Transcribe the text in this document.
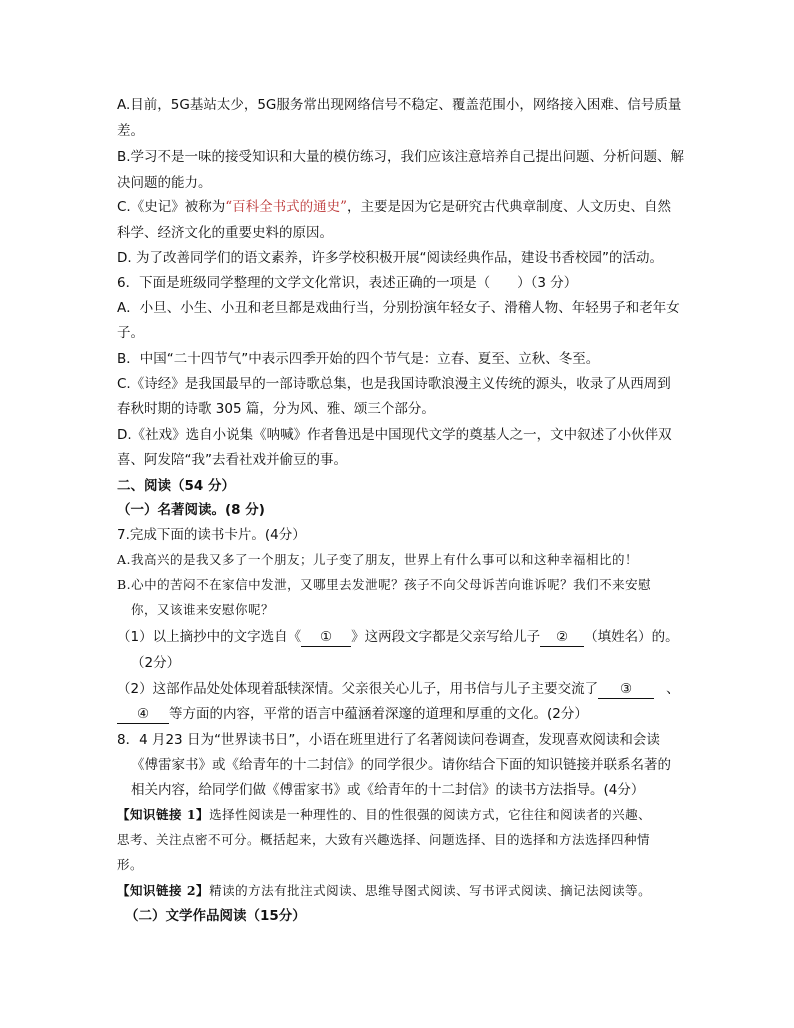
A.目前，5G基站太少，5G服务常出现网络信号不稳定、覆盖范围小，网络接入困难、信号质量
差。
B.学习不是一味的接受知识和大量的模仿练习，我们应该注意培养自己提出问题、分析问题、解
决问题的能力。
C.《史记》被称为“百科全书式的通史”，主要是因为它是研究古代典章制度、人文历史、自然
科学、经济文化的重要史料的原因。
D. 为了改善同学们的语文素养，许多学校积极开展“阅读经典作品，建设书香校园”的活动。
6．下面是班级同学整理的文学文化常识，表述正确的一项是（　　）（3 分）
A．小旦、小生、小丑和老旦都是戏曲行当，分别扮演年轻女子、滑稽人物、年轻男子和老年女
子。
B．中国“二十四节气”中表示四季开始的四个节气是：立春、夏至、立秋、冬至。
C.《诗经》是我国最早的一部诗歌总集，也是我国诗歌浪漫主义传统的源头，收录了从西周到
春秋时期的诗歌 305 篇，分为风、雅、颂三个部分。
D.《社戏》选自小说集《呐喊》作者鲁迅是中国现代文学的奠基人之一，文中叙述了小伙伴双
喜、阿发陪“我”去看社戏并偷豆的事。
二、阅读（54 分）
（一）名著阅读。(8 分)
7.完成下面的读书卡片。(4分）
A.我高兴的是我又多了一个朋友；儿子变了朋友，世界上有什么事可以和这种幸福相比的！
B.心中的苦闷不在家信中发泄，又哪里去发泄呢？孩子不向父母诉苦向谁诉呢？我们不来安慰
你，又该谁来安慰你呢？
（1）以上摘抄中的文字选自《 ① 》这两段文字都是父亲写给儿子 ② （填姓名）的。
（2分）
（2）这部作品处处体现着舐犊深情。父亲很关心儿子，用书信与儿子主要交流了 ③	、
④ 等方面的内容，平常的语言中蕴涵着深邃的道理和厚重的文化。(2分）
8．4 月23 日为“世界读书日”，小语在班里进行了名著阅读问卷调查，发现喜欢阅读和会读
《傅雷家书》或《给青年的十二封信》的同学很少。请你结合下面的知识链接并联系名著的
相关内容，给同学们做《傅雷家书》或《给青年的十二封信》的读书方法指导。(4分）
【知识链接 1】选择性阅读是一种理性的、目的性很强的阅读方式，它往往和阅读者的兴趣、
思考、关注点密不可分。概括起来，大致有兴趣选择、问题选择、目的选择和方法选择四种情
形。
【知识链接 2】精读的方法有批注式阅读、思维导图式阅读、写书评式阅读、摘记法阅读等。
（二）文学作品阅读（15分）
